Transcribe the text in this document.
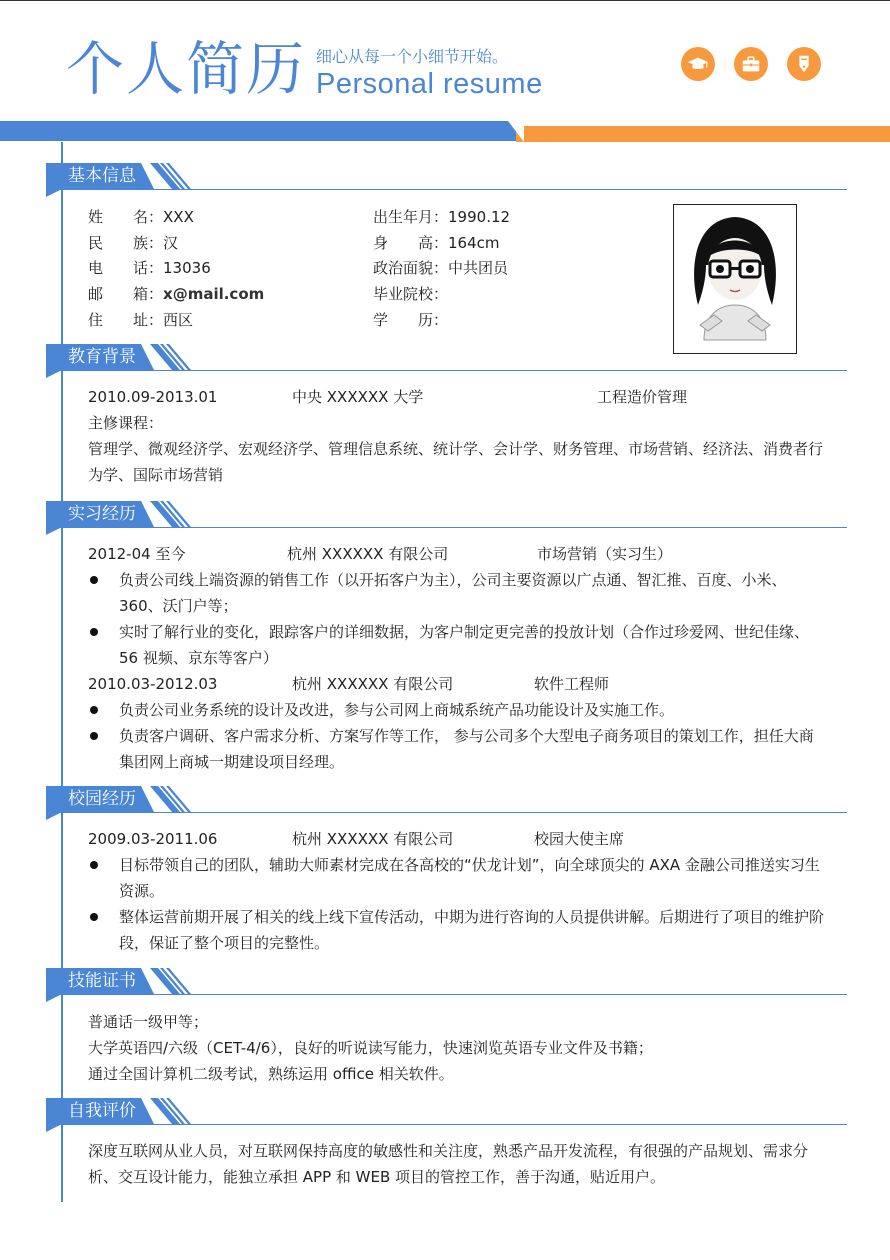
个人简历 细心从每一个小细节开始。
Personal resume
基本信息
姓　　名：XXX
民　　族：汉
电　　话：13036
邮　　箱：x@mail.com
住　　址：西区
出生年月：1990.12
身　　高：164cm
政治面貌：中共团员
毕业院校：
学　　历：
教育背景
2010.09-2013.01	中央 XXXXXX 大学	工程造价管理
主修课程：
管理学、微观经济学、宏观经济学、管理信息系统、统计学、会计学、财务管理、市场营销、经济法、消费者行为学、国际市场营销
实习经历
2012-04 至今	杭州 XXXXXX 有限公司	市场营销（实习生）
负责公司线上端资源的销售工作（以开拓客户为主），公司主要资源以广点通、智汇推、百度、小米、360、沃门户等；
实时了解行业的变化，跟踪客户的详细数据，为客户制定更完善的投放计划（合作过珍爱网、世纪佳缘、56 视频、京东等客户）
2010.03-2012.03	杭州 XXXXXX 有限公司	软件工程师
负责公司业务系统的设计及改进，参与公司网上商城系统产品功能设计及实施工作。
负责客户调研、客户需求分析、方案写作等工作， 参与公司多个大型电子商务项目的策划工作，担任大商集团网上商城一期建设项目经理。
校园经历
2009.03-2011.06	杭州 XXXXXX 有限公司	校园大使主席
目标带领自己的团队，辅助大师素材完成在各高校的“伏龙计划”，向全球顶尖的 AXA 金融公司推送实习生资源。
整体运营前期开展了相关的线上线下宣传活动，中期为进行咨询的人员提供讲解。后期进行了项目的维护阶段，保证了整个项目的完整性。
技能证书
普通话一级甲等；
大学英语四/六级（CET-4/6），良好的听说读写能力，快速浏览英语专业文件及书籍；
通过全国计算机二级考试，熟练运用 office 相关软件。
自我评价
深度互联网从业人员，对互联网保持高度的敏感性和关注度，熟悉产品开发流程，有很强的产品规划、需求分析、交互设计能力，能独立承担 APP 和 WEB 项目的管控工作，善于沟通，贴近用户。
